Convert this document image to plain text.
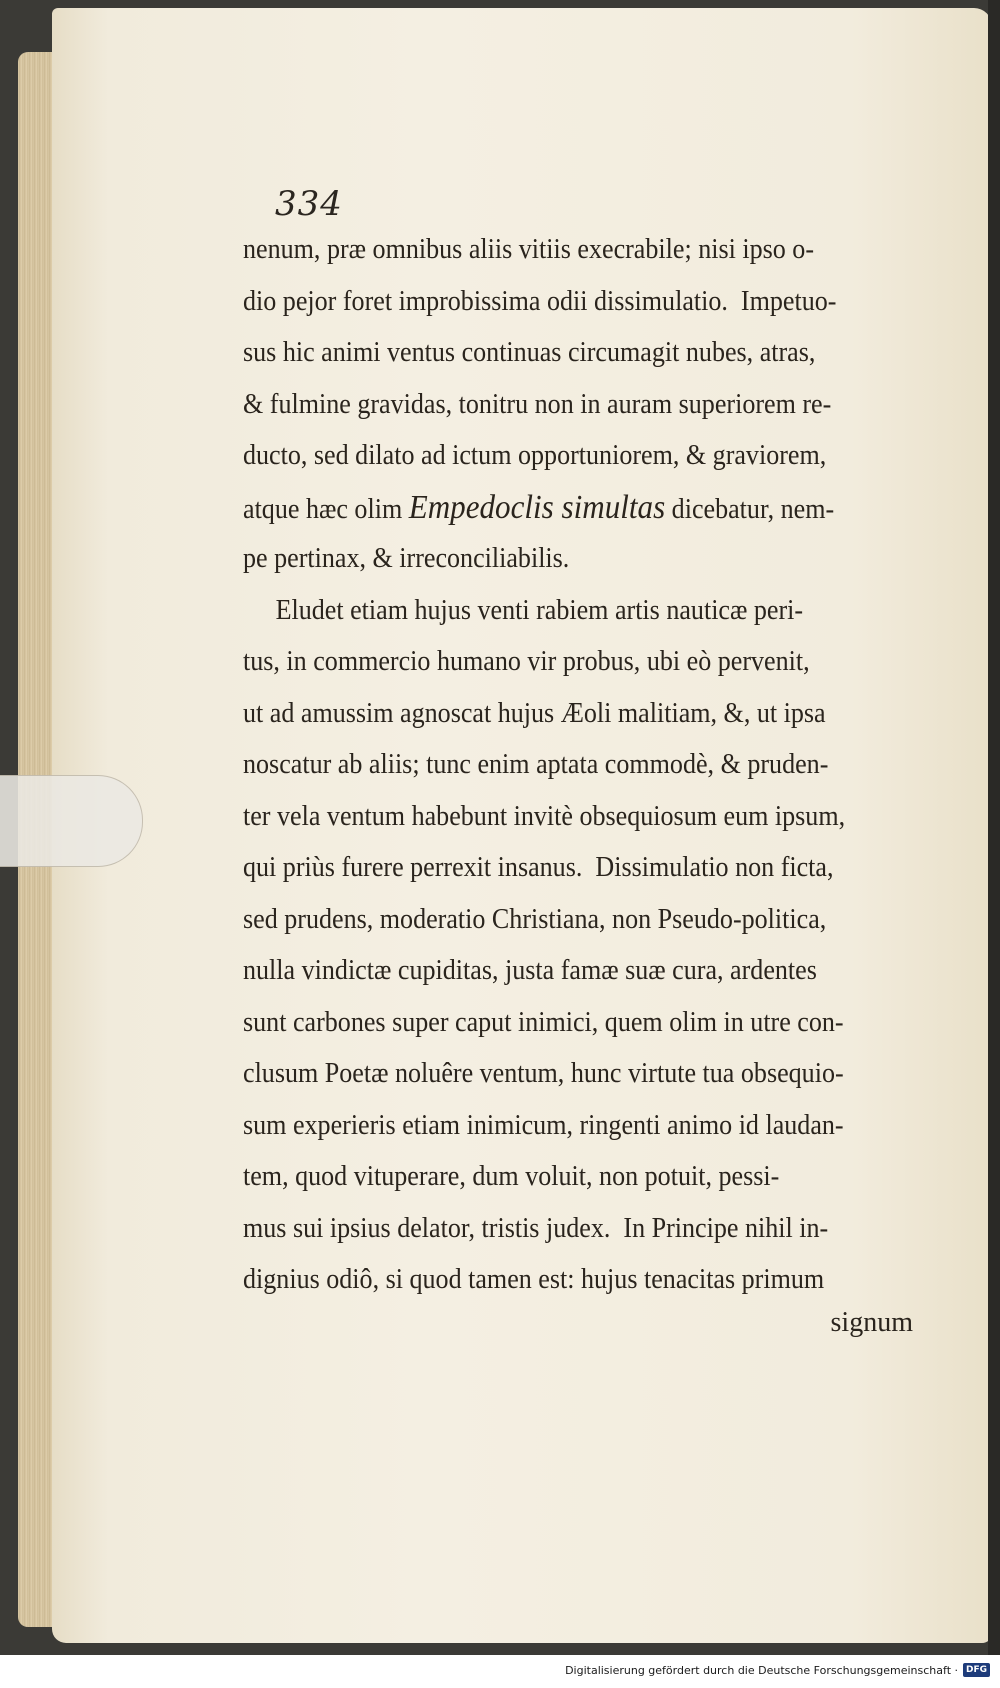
334
nenum, præ omnibus aliis vitiis execrabile; nisi ipso o-
dio pejor foret improbissima odii dissimulatio.  Impetuo-
sus hic animi ventus continuas circumagit nubes, atras,
& fulmine gravidas, tonitru non in auram superiorem re-
ducto, sed dilato ad ictum opportuniorem, & graviorem,
atque hæc olim Empedoclis simultas dicebatur, nem-
pe pertinax, & irreconciliabilis.
Eludet etiam hujus venti rabiem artis nauticæ peri-
tus, in commercio humano vir probus, ubi eò pervenit,
ut ad amussim agnoscat hujus Æoli malitiam, &, ut ipsa
noscatur ab aliis; tunc enim aptata commodè, & pruden-
ter vela ventum habebunt invitè obsequiosum eum ipsum,
qui priùs furere perrexit insanus.  Dissimulatio non ficta,
sed prudens, moderatio Christiana, non Pseudo-politica,
nulla vindictæ cupiditas, justa famæ suæ cura, ardentes
sunt carbones super caput inimici, quem olim in utre con-
clusum Poetæ noluêre ventum, hunc virtute tua obsequio-
sum experieris etiam inimicum, ringenti animo id laudan-
tem, quod vituperare, dum voluit, non potuit, pessi-
mus sui ipsius delator, tristis judex.  In Principe nihil in-
dignius odiô, si quod tamen est: hujus tenacitas primum
signum
Digitalisierung gefördert durch die Deutsche Forschungsgemeinschaft · DFG
